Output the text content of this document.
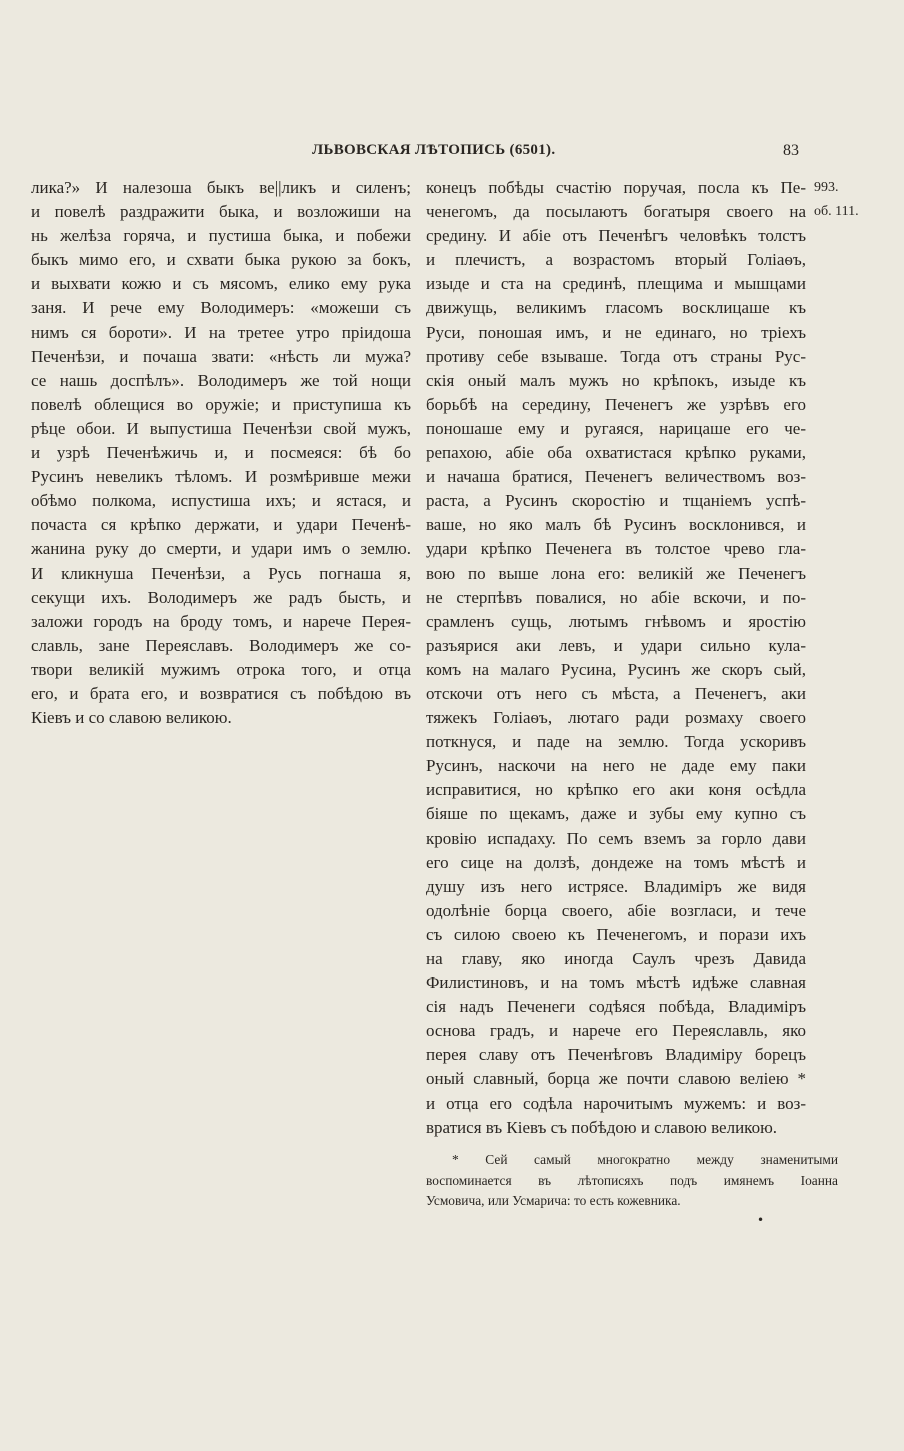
ЛЬВОВСКАЯ ЛѢТОПИСЬ (6501).	83
лика?» И налезоша быкъ ве||ликъ и силенъ;
и повелѣ раздражити быка, и возложиши на
нь желѣза горяча, и пустиша быка, и побежи
быкъ мимо его, и схвати быка рукою за бокъ,
и выхвати кожю и съ мясомъ, елико ему рука
заня. И рече ему Володимеръ: «можеши съ
нимъ ся бороти». И на третее утро пріидоша
Печенѣзи, и почаша звати: «нѣсть ли мужа?
се нашь доспѣлъ». Володимеръ же той нощи
повелѣ облещися во оружіе; и приступиша къ
рѣце обои. И выпустиша Печенѣзи свой мужъ,
и узрѣ Печенѣжичь и, и посмеяся: бѣ бо
Русинъ невеликъ тѣломъ. И розмѣривше межи
обѣмо полкома, испустиша ихъ; и ястася, и
почаста ся крѣпко держати, и удари Печенѣ-
жанина руку до смерти, и удари имъ о землю.
И кликнуша Печенѣзи, а Русь погнаша я,
секущи ихъ. Володимеръ же радъ бысть, и
заложи городъ на броду томъ, и нарече Перея-
славль, зане Переяславъ. Володимеръ же со-
твори великій мужимъ отрока того, и отца
его, и брата его, и возвратися съ побѣдою въ
Кіевъ и со славою великою.
конецъ побѣды счастію поручая, посла къ Пе-
ченегомъ, да посылаютъ богатыря своего на
средину. И абіе отъ Печенѣгъ человѣкъ толстъ
и плечистъ, а возрастомъ вторый Голіаѳъ,
изыде и ста на срединѣ, плещима и мышцами
движущь, великимъ гласомъ восклицаше къ
Руси, поношая имъ, и не единаго, но тріехъ
противу себе взываше. Тогда отъ страны Рус-
скія оный малъ мужъ но крѣпокъ, изыде къ
борьбѣ на середину, Печенегъ же узрѣвъ его
поношаше ему и ругаяся, нарицаше его че-
репахою, абіе оба охватистася крѣпко руками,
и начаша братися, Печенегъ величествомъ воз-
раста, а Русинъ скоростію и тщаніемъ успѣ-
ваше, но яко малъ бѣ Русинъ восклонився, и
удари крѣпко Печенега въ толстое чрево гла-
вою по выше лона его: великій же Печенегъ
не стерпѣвъ повалися, но абіе вскочи, и по-
срамленъ сущь, лютымъ гнѣвомъ и яростію
разъярися аки левъ, и удари сильно кула-
комъ на малаго Русина, Русинъ же скоръ сый,
отскочи отъ него съ мѣста, а Печенегъ, аки
тяжекъ Голіаѳъ, лютаго ради розмаху своего
поткнуся, и паде на землю. Тогда ускоривъ
Русинъ, наскочи на него не даде ему паки
исправитися, но крѣпко его аки коня осѣдла
біяше по щекамъ, даже и зубы ему купно съ
кровію испадаху. По семъ вземъ за горло дави
его сице на долзѣ, дондеже на томъ мѣстѣ и
душу изъ него истрясе. Владиміръ же видя
одолѣніе борца своего, абіе возгласи, и тече
съ силою своею къ Печенегомъ, и порази ихъ
на главу, яко иногда Саулъ чрезъ Давида
Филистиновъ, и на томъ мѣстѣ идѣже славная
сія надъ Печенеги содѣяся побѣда, Владиміръ
основа градъ, и нарече его Переяславль, яко
перея славу отъ Печенѣговъ Владиміру борецъ
оный славный, борца же почти славою веліею *
и отца его содѣла нарочитымъ мужемъ: и воз-
вратися въ Кіевъ съ побѣдою и славою великою.
993.
об. 111.
* Сей самый многократно между знаменитыми
воспоминается въ лѣтописяхъ подъ имянемъ Іоанна
Усмовича, или Усмарича: то есть кожевника.
•
